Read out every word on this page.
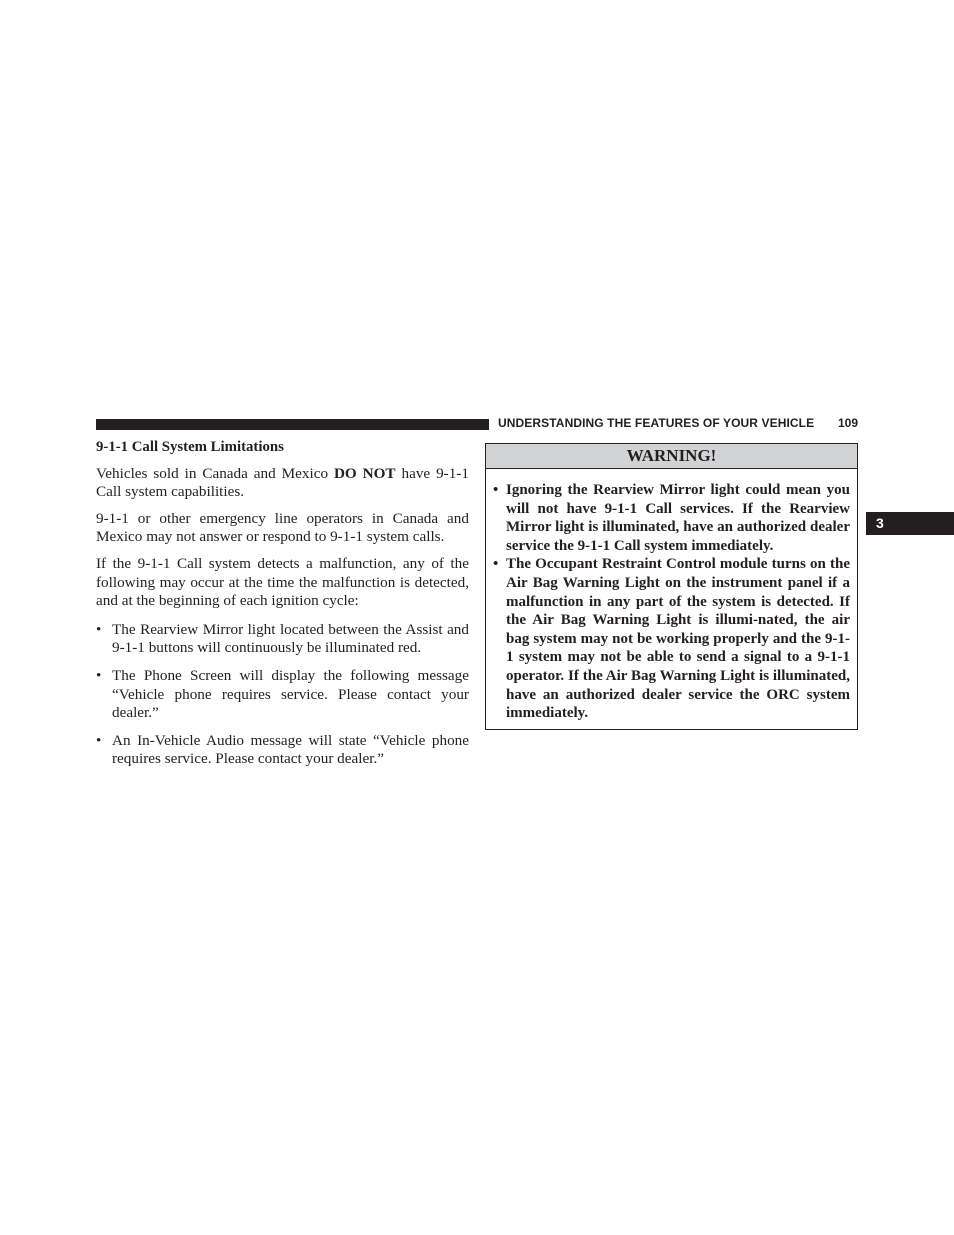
UNDERSTANDING THE FEATURES OF YOUR VEHICLE 109
3

9-1-1 Call System Limitations

Vehicles sold in Canada and Mexico DO NOT have 9-1-1 Call system capabilities.

9-1-1 or other emergency line operators in Canada and Mexico may not answer or respond to 9-1-1 system calls.

If the 9-1-1 Call system detects a malfunction, any of the following may occur at the time the malfunction is detected, and at the beginning of each ignition cycle:

• The Rearview Mirror light located between the Assist and 9-1-1 buttons will continuously be illuminated red.
• The Phone Screen will display the following message “Vehicle phone requires service. Please contact your dealer.”
• An In-Vehicle Audio message will state “Vehicle phone requires service. Please contact your dealer.”
WARNING!
• Ignoring the Rearview Mirror light could mean you will not have 9-1-1 Call services. If the Rearview Mirror light is illuminated, have an authorized dealer service the 9-1-1 Call system immediately.
• The Occupant Restraint Control module turns on the Air Bag Warning Light on the instrument panel if a malfunction in any part of the system is detected. If the Air Bag Warning Light is illumi-nated, the air bag system may not be working properly and the 9-1-1 system may not be able to send a signal to a 9-1-1 operator. If the Air Bag Warning Light is illuminated, have an authorized dealer service the ORC system immediately.
